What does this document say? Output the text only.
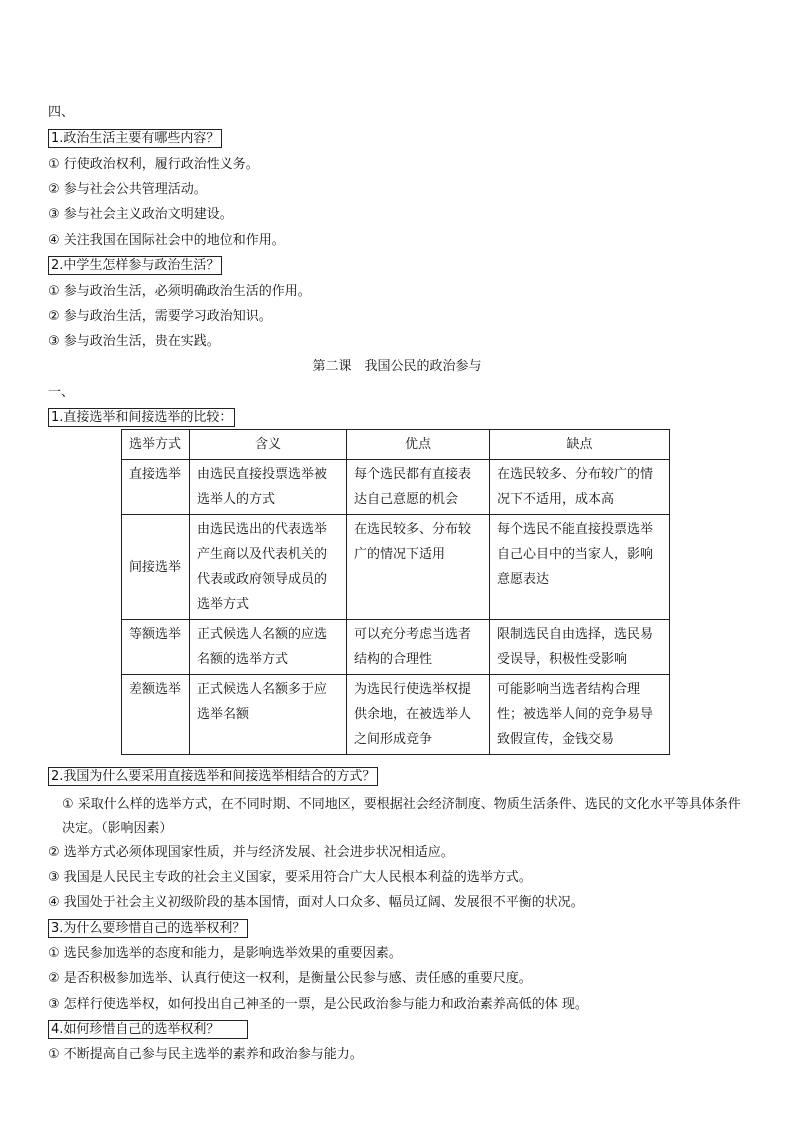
四、
1.政治生活主要有哪些内容？
① 行使政治权利，履行政治性义务。
② 参与社会公共管理活动。
③ 参与社会主义政治文明建设。
④ 关注我国在国际社会中的地位和作用。
2.中学生怎样参与政治生活？
① 参与政治生活，必须明确政治生活的作用。
② 参与政治生活，需要学习政治知识。
③ 参与政治生活，贵在实践。
第二课　我国公民的政治参与
一、
1.直接选举和间接选举的比较：
选举方式	含义	优点	缺点
直接选举	由选民直接投票选举被选举人的方式	每个选民都有直接表达自己意愿的机会	在选民较多、分布较广的情况下不适用，成本高
间接选举	由选民选出的代表选举产生商以及代表机关的代表或政府领导成员的选举方式	在选民较多、分布较广的情况下适用	每个选民不能直接投票选举自己心目中的当家人，影响意愿表达
等额选举	正式候选人名额的应选名额的选举方式	可以充分考虑当选者结构的合理性	限制选民自由选择，选民易受误导，积极性受影响
差额选举	正式候选人名额多于应选举名额	为选民行使选举权提供余地，在被选举人之间形成竞争	可能影响当选者结构合理性；被选举人间的竞争易导致假宣传，金钱交易
2.我国为什么要采用直接选举和间接选举相结合的方式？
① 采取什么样的选举方式，在不同时期、不同地区，要根据社会经济制度、物质生活条件、选民的文化水平等具体条件决定。（影响因素）
② 选举方式必须体现国家性质，并与经济发展、社会进步状况相适应。
③ 我国是人民民主专政的社会主义国家，要采用符合广大人民根本利益的选举方式。
④ 我国处于社会主义初级阶段的基本国情，面对人口众多、幅员辽阔、发展很不平衡的状况。
3.为什么要珍惜自己的选举权利？
① 选民参加选举的态度和能力，是影响选举效果的重要因素。
② 是否积极参加选举、认真行使这一权利，是衡量公民参与感、责任感的重要尺度。
③ 怎样行使选举权，如何投出自己神圣的一票，是公民政治参与能力和政治素养高低的体 现。
4.如何珍惜自己的选举权利？
① 不断提高自己参与民主选举的素养和政治参与能力。
